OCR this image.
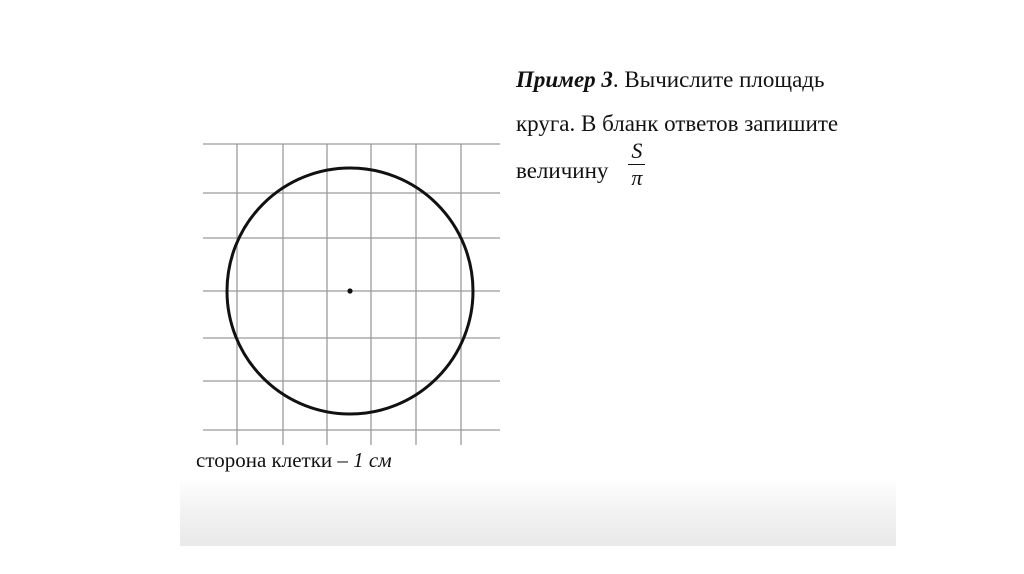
Пример 3. Вычислите площадь
круга. В бланк ответов запишите
величину $\frac{S}{\pi}$
сторона клетки – 1 см
